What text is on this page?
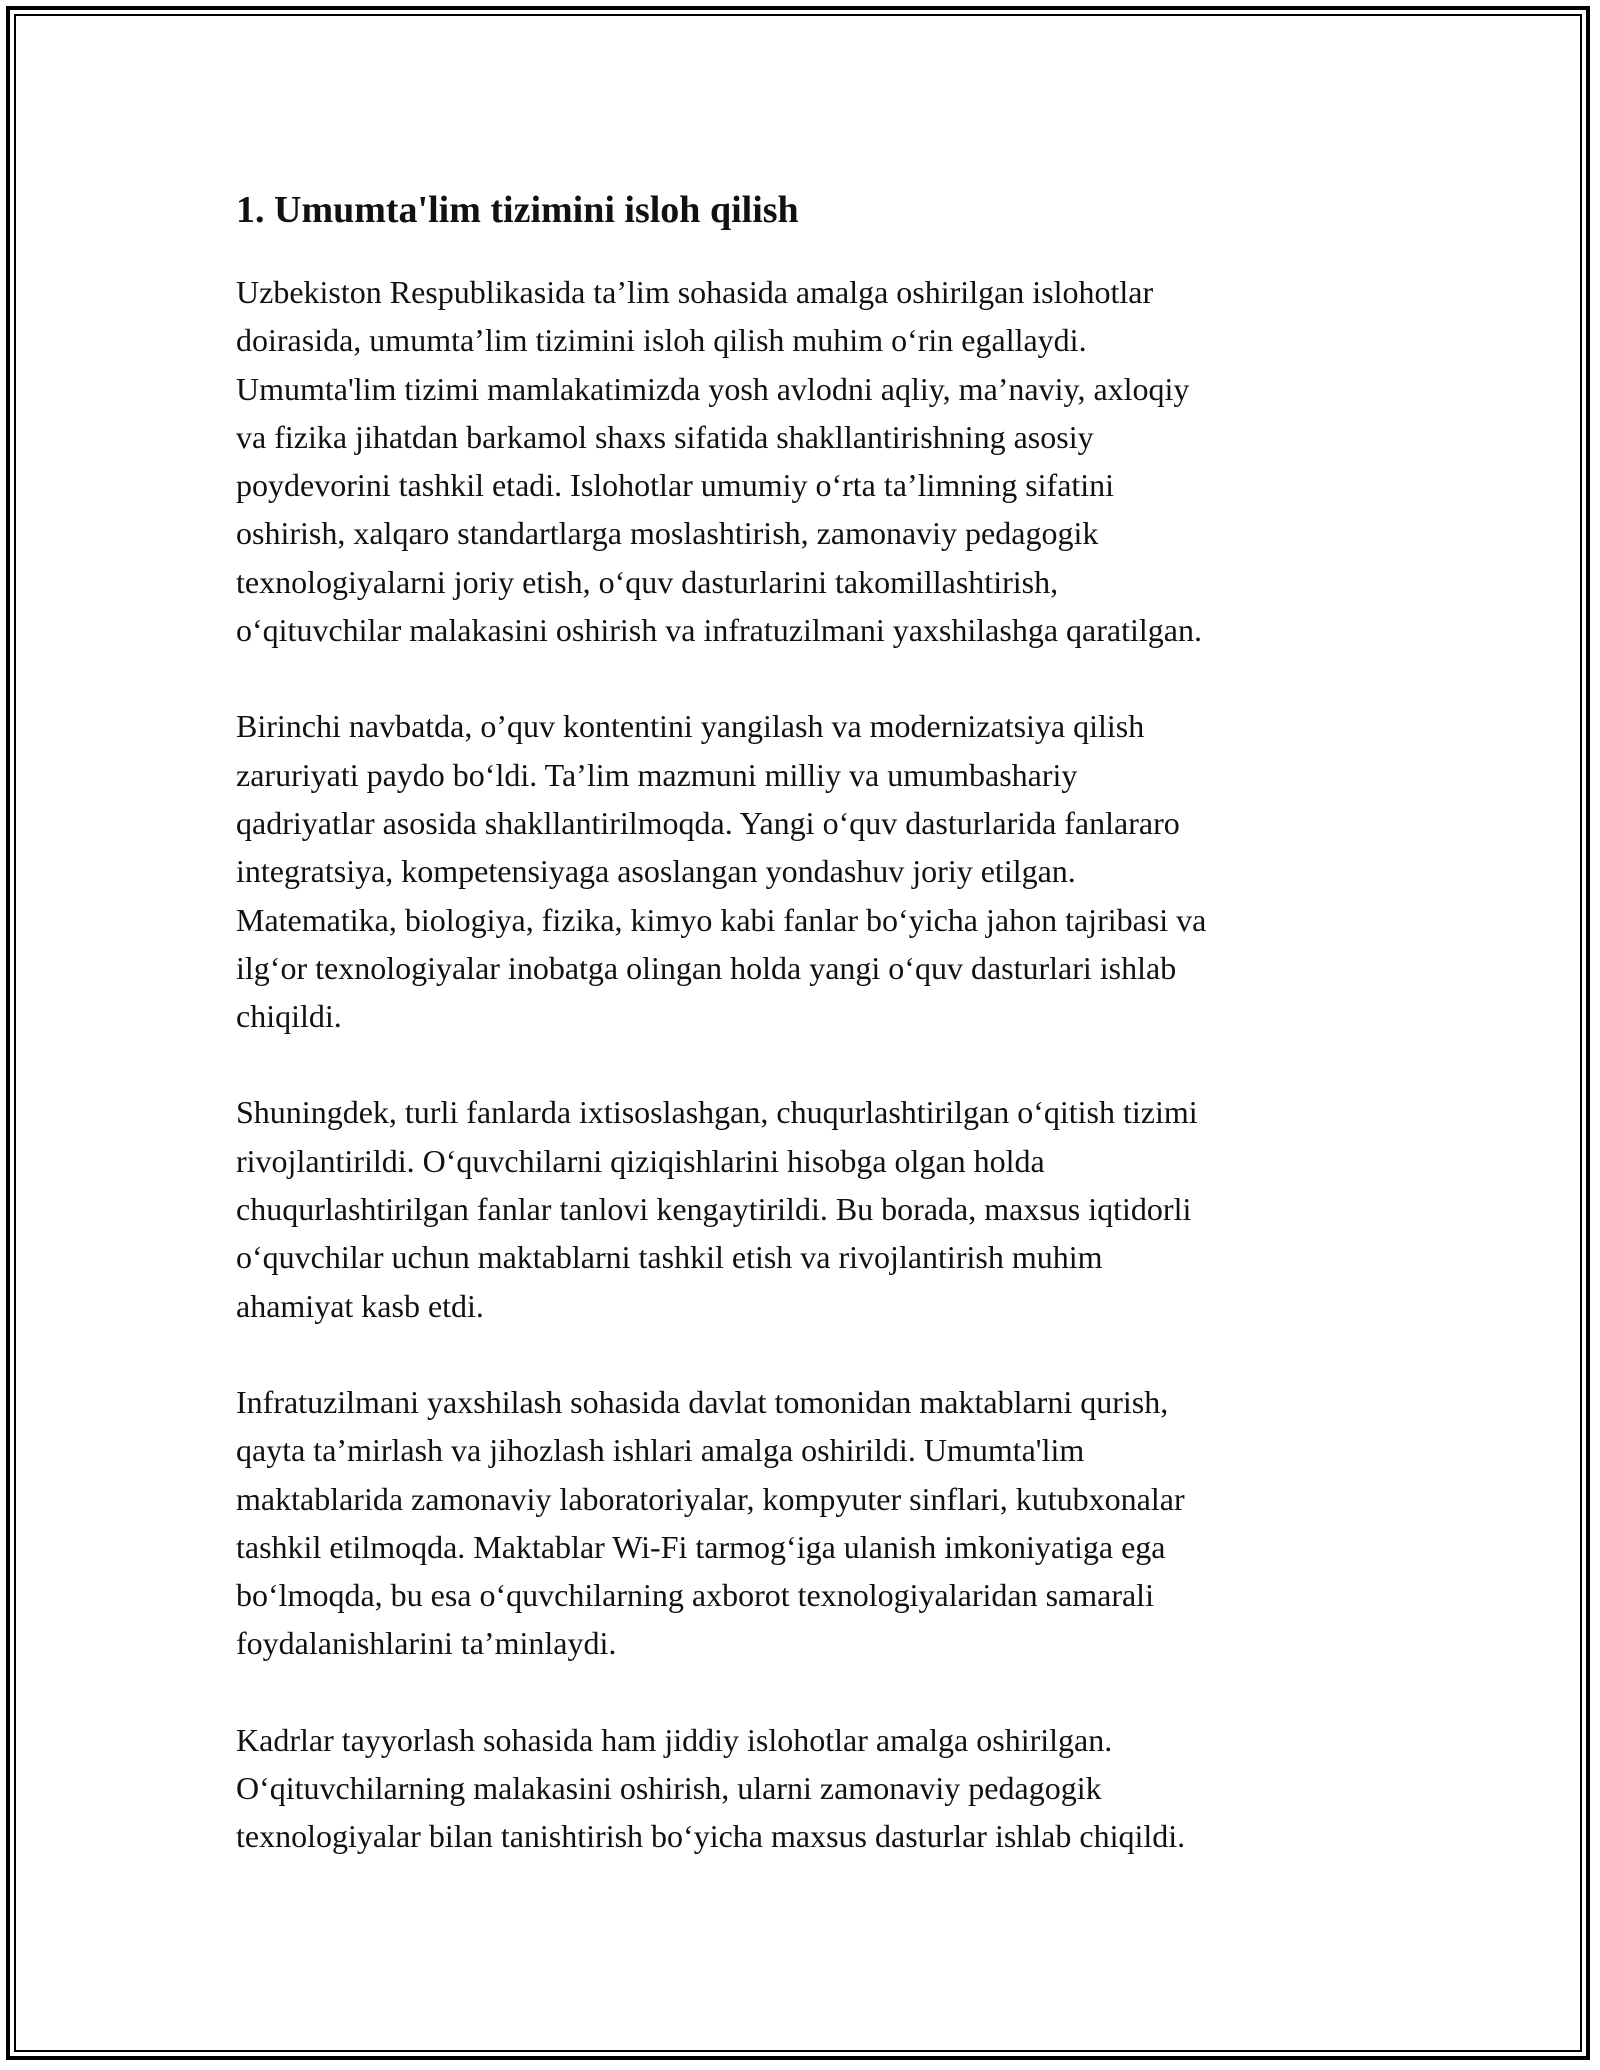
1. Umumta'lim tizimini isloh qilish

Uzbekiston Respublikasida ta’lim sohasida amalga oshirilgan islohotlar
doirasida, umumta’lim tizimini isloh qilish muhim o‘rin egallaydi.
Umumta'lim tizimi mamlakatimizda yosh avlodni aqliy, ma’naviy, axloqiy
va fizika jihatdan barkamol shaxs sifatida shakllantirishning asosiy
poydevorini tashkil etadi. Islohotlar umumiy o‘rta ta’limning sifatini
oshirish, xalqaro standartlarga moslashtirish, zamonaviy pedagogik
texnologiyalarni joriy etish, o‘quv dasturlarini takomillashtirish,
o‘qituvchilar malakasini oshirish va infratuzilmani yaxshilashga qaratilgan.

Birinchi navbatda, o’quv kontentini yangilash va modernizatsiya qilish
zaruriyati paydo bo‘ldi. Ta’lim mazmuni milliy va umumbashariy
qadriyatlar asosida shakllantirilmoqda. Yangi o‘quv dasturlarida fanlararo
integratsiya, kompetensiyaga asoslangan yondashuv joriy etilgan.
Matematika, biologiya, fizika, kimyo kabi fanlar bo‘yicha jahon tajribasi va
ilg‘or texnologiyalar inobatga olingan holda yangi o‘quv dasturlari ishlab
chiqildi.

Shuningdek, turli fanlarda ixtisoslashgan, chuqurlashtirilgan o‘qitish tizimi
rivojlantirildi. O‘quvchilarni qiziqishlarini hisobga olgan holda
chuqurlashtirilgan fanlar tanlovi kengaytirildi. Bu borada, maxsus iqtidorli
o‘quvchilar uchun maktablarni tashkil etish va rivojlantirish muhim
ahamiyat kasb etdi.

Infratuzilmani yaxshilash sohasida davlat tomonidan maktablarni qurish,
qayta ta’mirlash va jihozlash ishlari amalga oshirildi. Umumta'lim
maktablarida zamonaviy laboratoriyalar, kompyuter sinflari, kutubxonalar
tashkil etilmoqda. Maktablar Wi-Fi tarmog‘iga ulanish imkoniyatiga ega
bo‘lmoqda, bu esa o‘quvchilarning axborot texnologiyalaridan samarali
foydalanishlarini ta’minlaydi.

Kadrlar tayyorlash sohasida ham jiddiy islohotlar amalga oshirilgan.
O‘qituvchilarning malakasini oshirish, ularni zamonaviy pedagogik
texnologiyalar bilan tanishtirish bo‘yicha maxsus dasturlar ishlab chiqildi.
